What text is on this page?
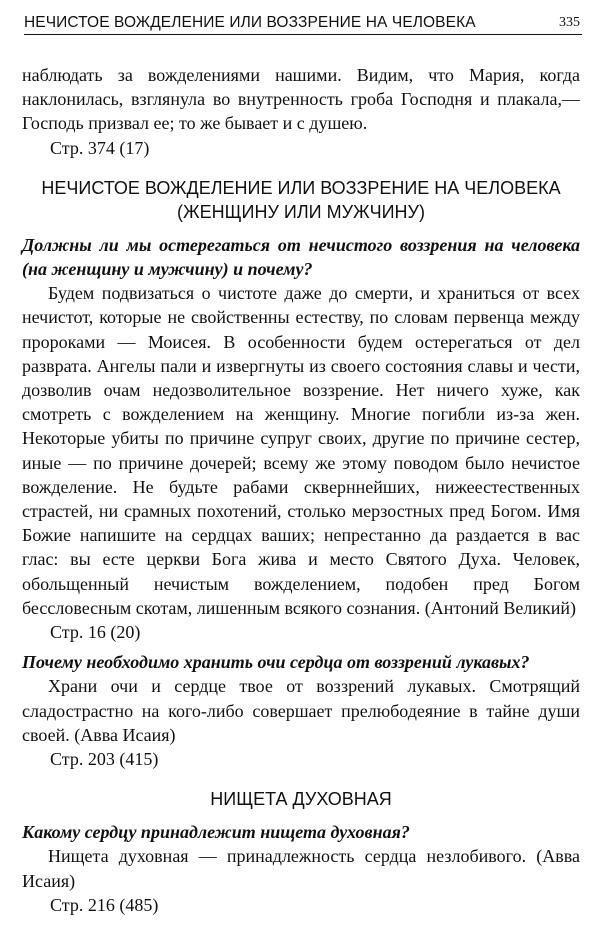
НЕЧИСТОЕ ВОЖДЕЛЕНИЕ ИЛИ ВОЗЗРЕНИЕ НА ЧЕЛОВЕКА	335

наблюдать за вожделениями нашими. Видим, что Мария, когда наклонилась, взглянула во внутренность гроба Господня и плакала,— Господь призвал ее; то же бывает и с душею.

Стр. 374 (17)

НЕЧИСТОЕ ВОЖДЕЛЕНИЕ ИЛИ ВОЗЗРЕНИЕ НА ЧЕЛОВЕКА
(ЖЕНЩИНУ ИЛИ МУЖЧИНУ)

Должны ли мы остерегаться от нечистого воззрения на человека (на женщину и мужчину) и почему?

Будем подвизаться о чистоте даже до смерти, и храниться от всех нечистот, которые не свойственны естеству, по словам первенца между пророками — Моисея. В особенности будем остерегаться от дел разврата. Ангелы пали и извергнуты из своего состояния славы и чести, дозволив очам недозволительное воззрение. Нет ничего хуже, как смотреть с вожделением на женщину. Многие погибли из-за жен. Некоторые убиты по причине супруг своих, другие по причине сестер, иные — по причине дочерей; всему же этому поводом было нечистое вожделение. Не будьте рабами скверннейших, нижеестественных страстей, ни срамных похотений, столько мерзостных пред Богом. Имя Божие напишите на сердцах ваших; непрестанно да раздается в вас глас: вы есте церкви Бога жива и место Святого Духа. Человек, обольщенный нечистым вожделением, подобен пред Богом бессловесным скотам, лишенным всякого сознания. (Антоний Великий)

Стр. 16 (20)

Почему необходимо хранить очи сердца от воззрений лукавых?

Храни очи и сердце твое от воззрений лукавых. Смотрящий сладострастно на кого-либо совершает прелюбодеяние в тайне души своей. (Авва Исаия)

Стр. 203 (415)

НИЩЕТА ДУХОВНАЯ

Какому сердцу принадлежит нищета духовная?

Нищета духовная — принадлежность сердца незлобивого. (Авва Исаия)

Стр. 216 (485)
